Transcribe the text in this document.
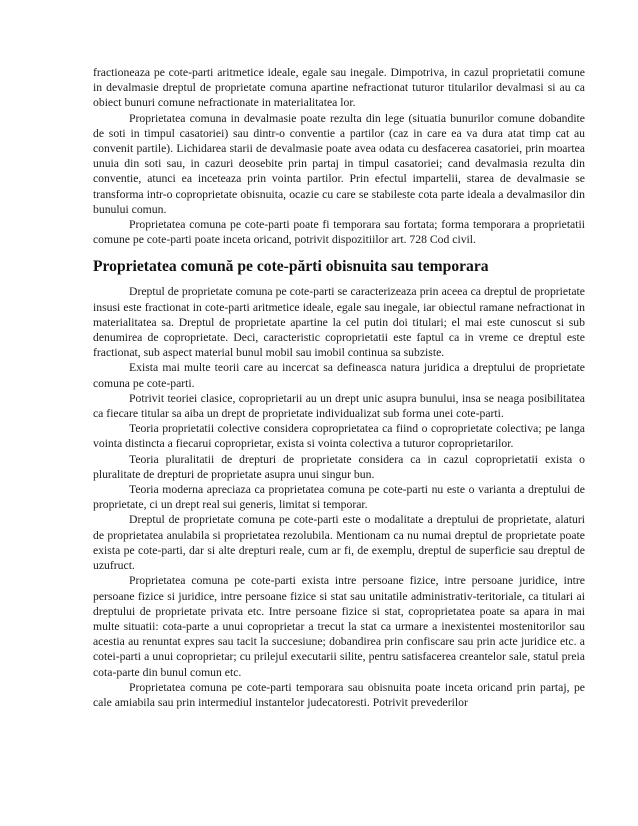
fractioneaza pe cote-parti aritmetice ideale, egale sau inegale. Dimpotriva, in cazul proprietatii comune in devalmasie dreptul de proprietate comuna apartine nefractionat tuturor titularilor devalmasi si au ca obiect bunuri comune nefractionate in materialitatea lor.

Proprietatea comuna in devalmasie poate rezulta din lege (situatia bunurilor comune dobandite de soti in timpul casatoriei) sau dintr-o conventie a partilor (caz in care ea va dura atat timp cat au convenit partile). Lichidarea starii de devalmasie poate avea odata cu desfacerea casatoriei, prin moartea unuia din soti sau, in cazuri deosebite prin partaj in timpul casatoriei; cand devalmasia rezulta din conventie, atunci ea inceteaza prin vointa partilor. Prin efectul impartelii, starea de devalmasie se transforma intr-o coproprietate obisnuita, ocazie cu care se stabileste cota parte ideala a devalmasilor din bunului comun.

Proprietatea comuna pe cote-parti poate fi temporara sau fortata; forma temporara a proprietatii comune pe cote-parti poate inceta oricand, potrivit dispozitiilor art. 728 Cod civil.

Proprietatea comună pe cote-părti obisnuita sau temporara

Dreptul de proprietate comuna pe cote-parti se caracterizeaza prin aceea ca dreptul de proprietate insusi este fractionat in cote-parti aritmetice ideale, egale sau inegale, iar obiectul ramane nefractionat in materialitatea sa. Dreptul de proprietate apartine la cel putin doi titulari; el mai este cunoscut si sub denumirea de coproprietate. Deci, caracteristic coproprietatii este faptul ca in vreme ce dreptul este fractionat, sub aspect material bunul mobil sau imobil continua sa subziste.

Exista mai multe teorii care au incercat sa defineasca natura juridica a dreptului de proprietate comuna pe cote-parti.

Potrivit teoriei clasice, coproprietarii au un drept unic asupra bunului, insa se neaga posibilitatea ca fiecare titular sa aiba un drept de proprietate individualizat sub forma unei cote-parti.

Teoria proprietatii colective considera coproprietatea ca fiind o coproprietate colectiva; pe langa vointa distincta a fiecarui coproprietar, exista si vointa colectiva a tuturor coproprietarilor.

Teoria pluralitatii de drepturi de proprietate considera ca in cazul coproprietatii exista o pluralitate de drepturi de proprietate asupra unui singur bun.

Teoria moderna apreciaza ca proprietatea comuna pe cote-parti nu este o varianta a dreptului de proprietate, ci un drept real sui generis, limitat si temporar.

Dreptul de proprietate comuna pe cote-parti este o modalitate a dreptului de proprietate, alaturi de proprietatea anulabila si proprietatea rezolubila. Mentionam ca nu numai dreptul de proprietate poate exista pe cote-parti, dar si alte drepturi reale, cum ar fi, de exemplu, dreptul de superficie sau dreptul de uzufruct.

Proprietatea comuna pe cote-parti exista intre persoane fizice, intre persoane juridice, intre persoane fizice si juridice, intre persoane fizice si stat sau unitatile administrativ-teritoriale, ca titulari ai dreptului de proprietate privata etc. Intre persoane fizice si stat, coproprietatea poate sa apara in mai multe situatii: cota-parte a unui coproprietar a trecut la stat ca urmare a inexistentei mostenitorilor sau acestia au renuntat expres sau tacit la succesiune; dobandirea prin confiscare sau prin acte juridice etc. a cotei-parti a unui coproprietar; cu prilejul executarii silite, pentru satisfacerea creantelor sale, statul preia cota-parte din bunul comun etc.

Proprietatea comuna pe cote-parti temporara sau obisnuita poate inceta oricand prin partaj, pe cale amiabila sau prin intermediul instantelor judecatoresti. Potrivit prevederilor
